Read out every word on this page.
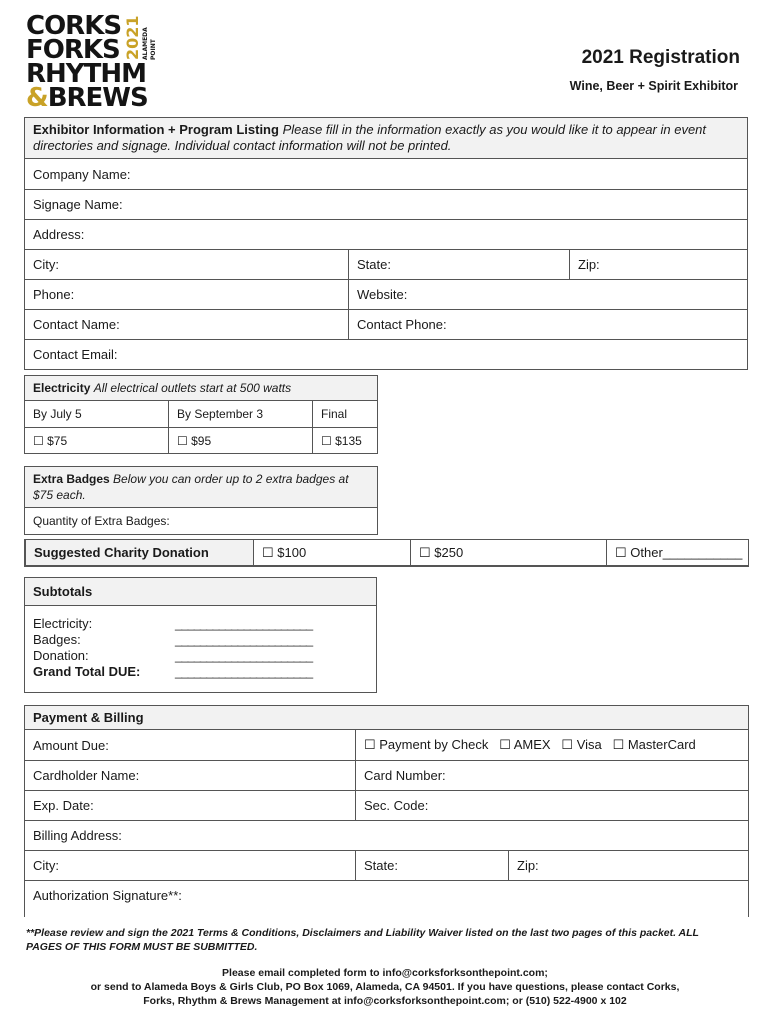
CORKS
FORKS
RHYTHM
&BREWS
2021 ALAMEDA POINT	2021 Registration
Wine, Beer + Spirit Exhibitor
Exhibitor Information + Program Listing Please fill in the information exactly as you would like it to appear in event directories and signage. Individual contact information will not be printed.
Company Name:
Signage Name:
Address:
City:	State:	Zip:
Phone:	Website:
Contact Name:	Contact Phone:
Contact Email:
Electricity All electrical outlets start at 500 watts
By July 5	By September 3	Final
☐ $75	☐ $95	☐ $135
Extra Badges Below you can order up to 2 extra badges at $75 each.
Quantity of Extra Badges:
Suggested Charity Donation	☐ $100	☐ $250	☐ Other___________
Subtotals
Electricity:	______________________
Badges:	______________________
Donation:	______________________
Grand Total DUE:	______________________
Payment & Billing
Amount Due:	☐ Payment by Check   ☐ AMEX   ☐ Visa   ☐ MasterCard
Cardholder Name:	Card Number:
Exp. Date:	Sec. Code:
Billing Address:
City:	State:	Zip:
Authorization Signature**:
**Please review and sign the 2021 Terms & Conditions, Disclaimers and Liability Waiver listed on the last two pages of this packet. ALL PAGES OF THIS FORM MUST BE SUBMITTED.
Please email completed form to info@corksforksonthepoint.com;
or send to Alameda Boys & Girls Club, PO Box 1069, Alameda, CA 94501. If you have questions, please contact Corks,
Forks, Rhythm & Brews Management at info@corksforksonthepoint.com; or (510) 522-4900 x 102
